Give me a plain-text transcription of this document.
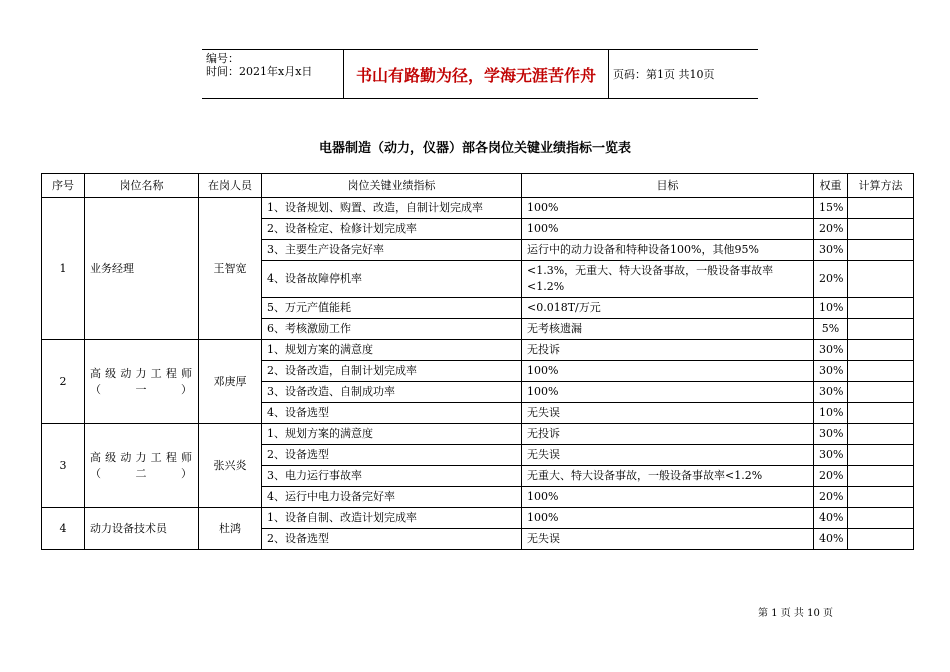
编号：
时间：2021年x月x日	书山有路勤为径，学海无涯苦作舟	页码：第1页 共10页
电器制造（动力，仪器）部各岗位关键业绩指标一览表
序号	岗位名称	在岗人员	岗位关键业绩指标	目标	权重	计算方法
1	业务经理	王智宽	1、设备规划、购置、改造，自制计划完成率	100%	15%	
			2、设备检定、检修计划完成率	100%	20%	
			3、主要生产设备完好率	运行中的动力设备和特种设备100%，其他95%	30%	
			4、设备故障停机率	<1.3%，无重大、特大设备事故，一般设备事故率<1.2%	20%	
			5、万元产值能耗	<0.018T/万元	10%	
			6、考核激励工作	无考核遗漏	5%	
2	高级动力工程师（一）	邓庚厚	1、规划方案的满意度	无投诉	30%	
			2、设备改造，自制计划完成率	100%	30%	
			3、设备改造、自制成功率	100%	30%	
			4、设备选型	无失误	10%	
3	高级动力工程师（二）	张兴炎	1、规划方案的满意度	无投诉	30%	
			2、设备选型	无失误	30%	
			3、电力运行事故率	无重大、特大设备事故，一般设备事故率<1.2%	20%	
			4、运行中电力设备完好率	100%	20%	
4	动力设备技术员	杜鸿	1、设备自制、改造计划完成率	100%	40%	
			2、设备选型	无失误	40%	
第 1 页 共 10 页
